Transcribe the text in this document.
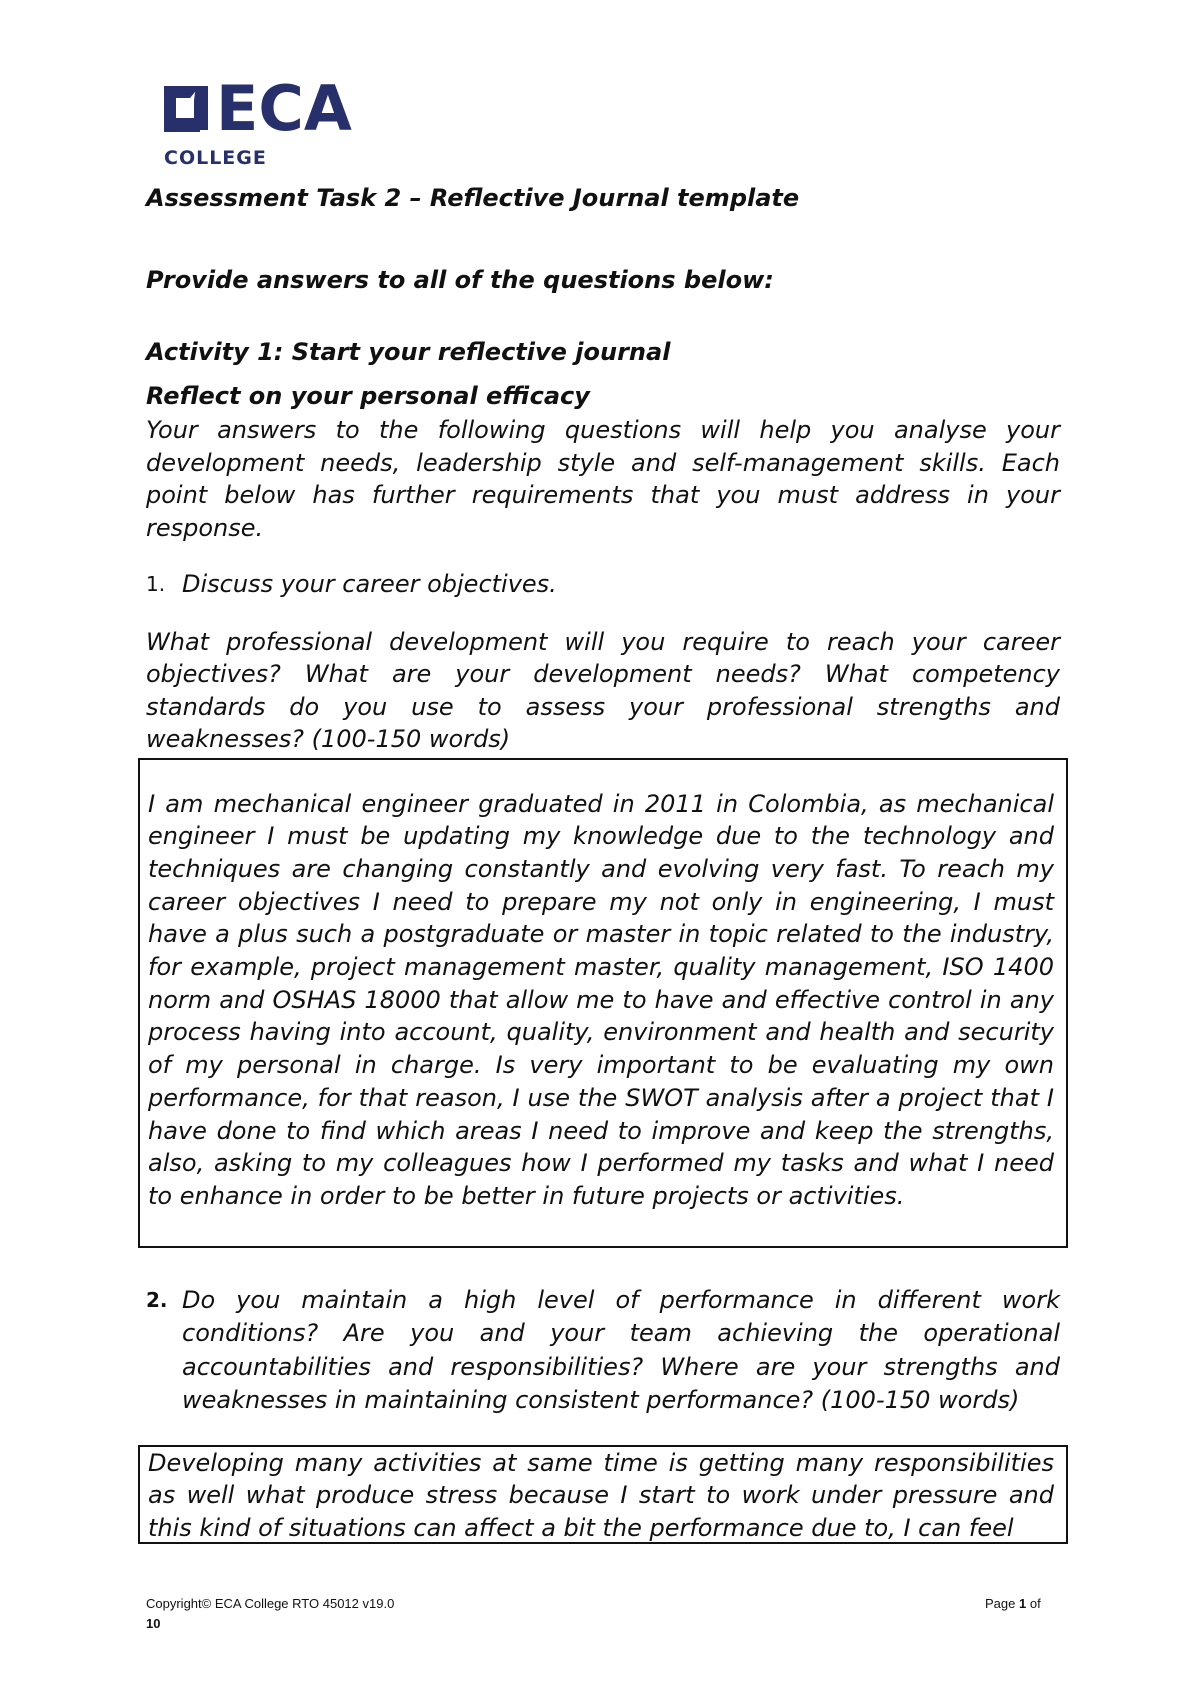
ECA
COLLEGE

Assessment Task 2 – Reflective Journal template

Provide answers to all of the questions below:

Activity 1: Start your reflective journal

Reflect on your personal efficacy

Your answers to the following questions will help you analyse your development needs, leadership style and self-management skills. Each point below has further requirements that you must address in your response.

1. Discuss your career objectives.

What professional development will you require to reach your career objectives? What are your development needs? What competency standards do you use to assess your professional strengths and weaknesses? (100-150 words)

I am mechanical engineer graduated in 2011 in Colombia, as mechanical engineer I must be updating my knowledge due to the technology and techniques are changing constantly and evolving very fast. To reach my career objectives I need to prepare my not only in engineering, I must have a plus such a postgraduate or master in topic related to the industry, for example, project management master, quality management, ISO 1400 norm and OSHAS 18000 that allow me to have and effective control in any process having into account, quality, environment and health and security of my personal in charge. Is very important to be evaluating my own performance, for that reason, I use the SWOT analysis after a project that I have done to find which areas I need to improve and keep the strengths, also, asking to my colleagues how I performed my tasks and what I need to enhance in order to be better in future projects or activities.
2. Do you maintain a high level of performance in different work conditions? Are you and your team achieving the operational accountabilities and responsibilities? Where are your strengths and weaknesses in maintaining consistent performance? (100-150 words)
Developing many activities at same time is getting many responsibilities as well what produce stress because I start to work under pressure and this kind of situations can affect a bit the performance due to, I can feel
Copyright© ECA College RTO 45012 v19.0	Page 1 of
10
